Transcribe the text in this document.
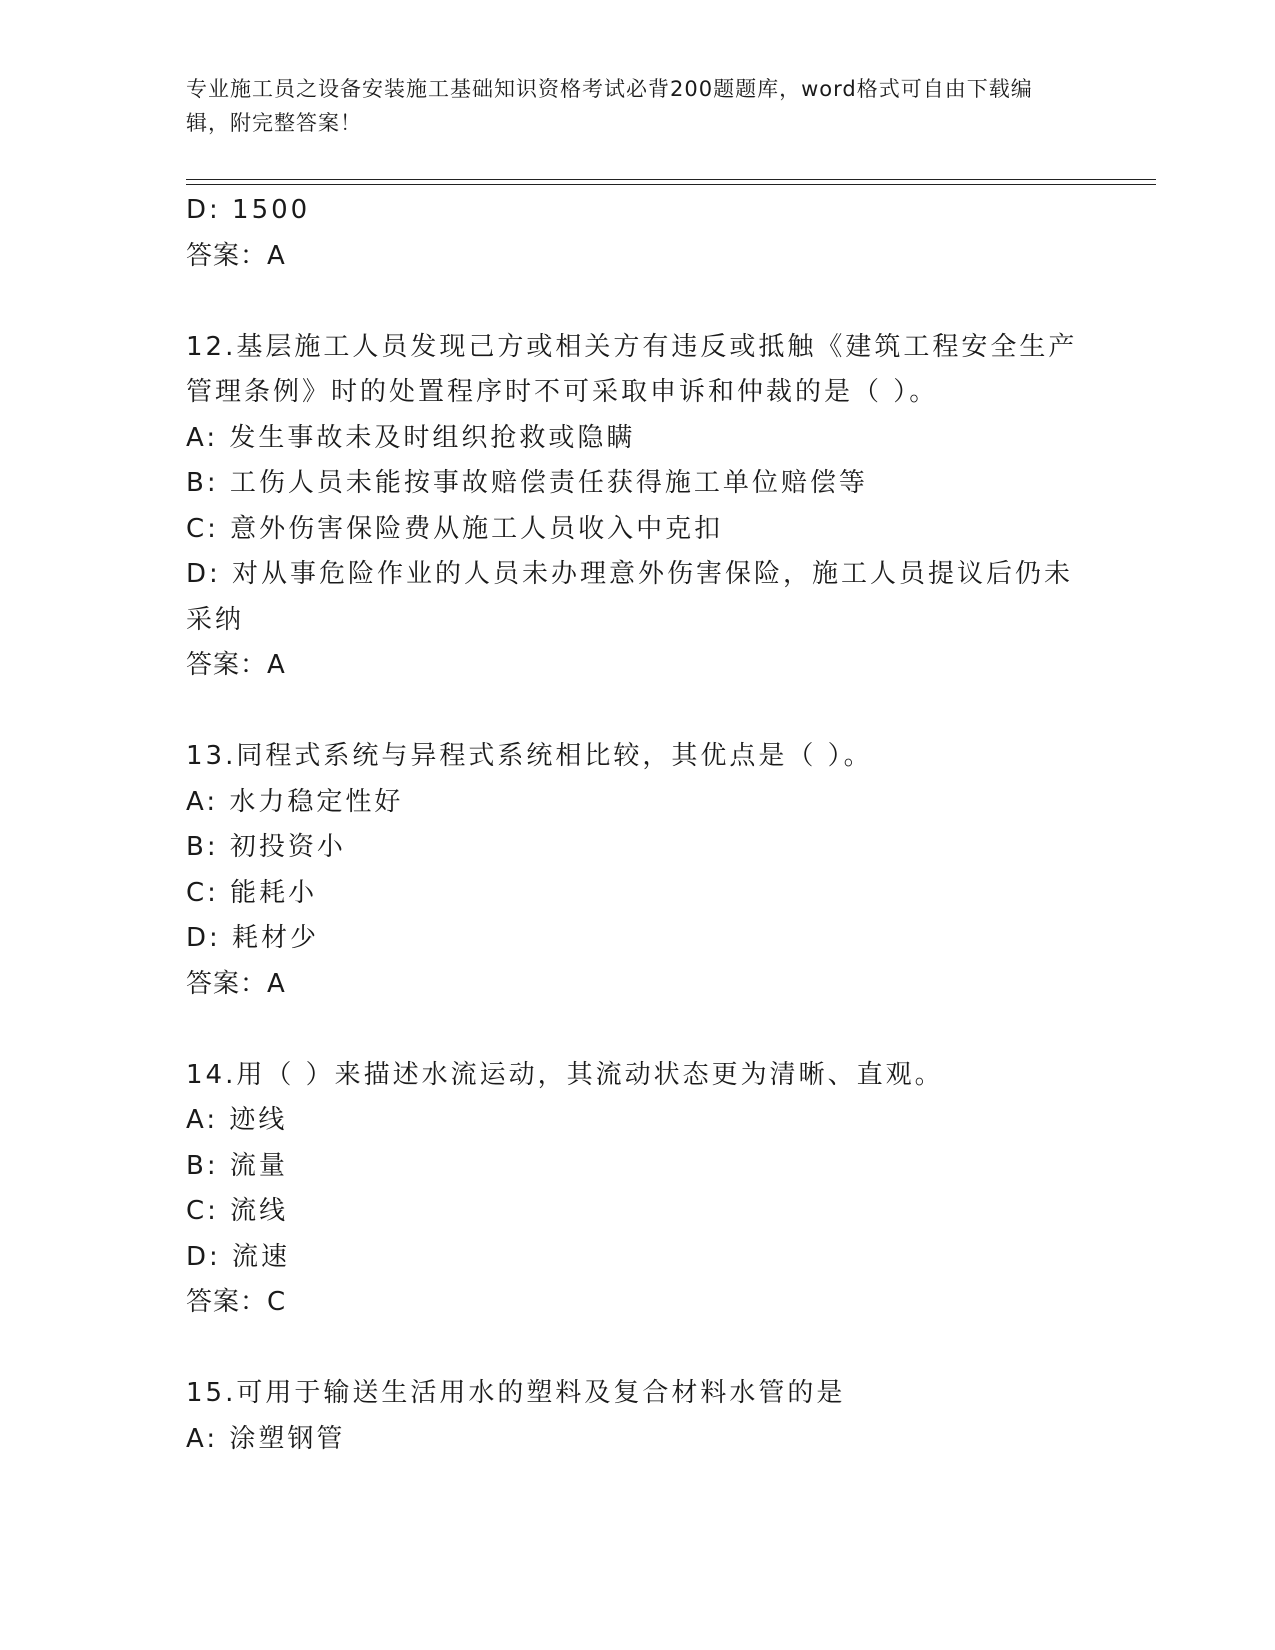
专业施工员之设备安装施工基础知识资格考试必背200题题库，word格式可自由下载编辑，附完整答案！
D: 1500
答案：A
12.基层施工人员发现己方或相关方有违反或抵触《建筑工程安全生产管理条例》时的处置程序时不可采取申诉和仲裁的是（ ）。
A: 发生事故未及时组织抢救或隐瞒
B: 工伤人员未能按事故赔偿责任获得施工单位赔偿等
C: 意外伤害保险费从施工人员收入中克扣
D: 对从事危险作业的人员未办理意外伤害保险，施工人员提议后仍未采纳
答案：A
13.同程式系统与异程式系统相比较，其优点是（ ）。
A: 水力稳定性好
B: 初投资小
C: 能耗小
D: 耗材少
答案：A
14.用（ ）来描述水流运动，其流动状态更为清晰、直观。
A: 迹线
B: 流量
C: 流线
D: 流速
答案：C
15.可用于输送生活用水的塑料及复合材料水管的是
A: 涂塑钢管
